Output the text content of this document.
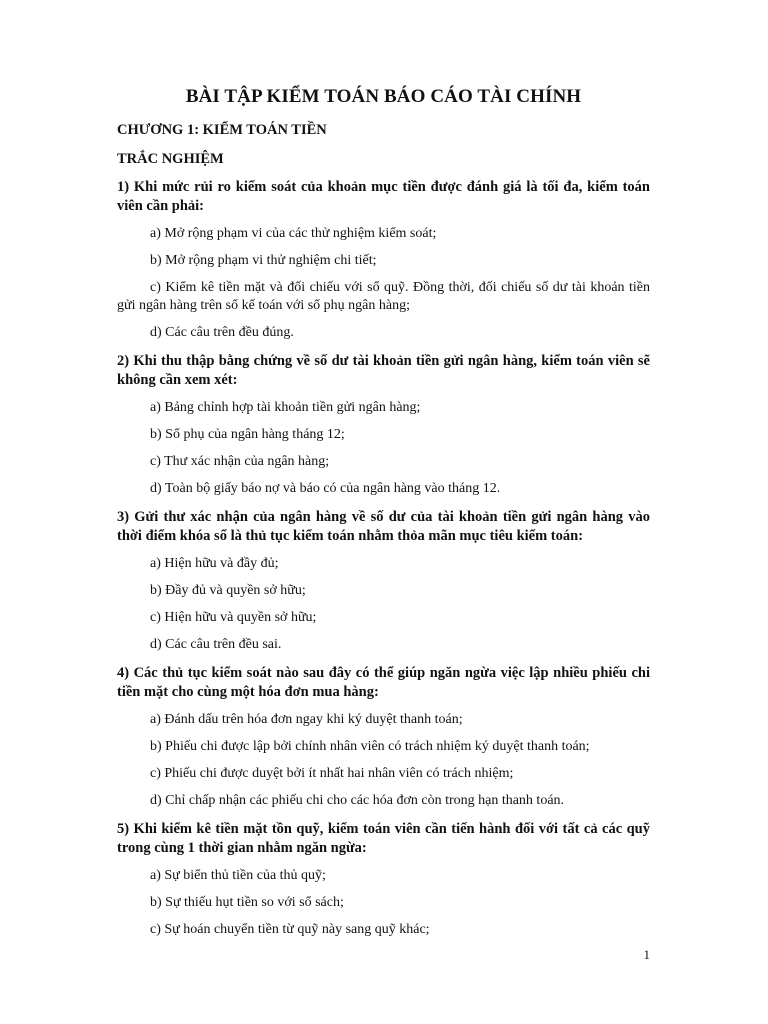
BÀI TẬP KIỂM TOÁN BÁO CÁO TÀI CHÍNH
CHƯƠNG 1: KIỂM TOÁN TIỀN
TRẮC NGHIỆM
1) Khi mức rủi ro kiểm soát của khoản mục tiền được đánh giá là tối đa, kiểm toán viên cần phải:
a) Mở rộng phạm vi của các thử nghiệm kiểm soát;
b) Mở rộng phạm vi thử nghiệm chi tiết;
c) Kiểm kê tiền mặt và đối chiếu với sổ quỹ. Đồng thời, đối chiếu số dư tài khoản tiền gửi ngân hàng trên sổ kế toán với sổ phụ ngân hàng;
d) Các câu trên đều đúng.
2) Khi thu thập bằng chứng về số dư tài khoản tiền gửi ngân hàng, kiểm toán viên sẽ không cần xem xét:
a) Bảng chỉnh hợp tài khoản tiền gửi ngân hàng;
b) Sổ phụ của ngân hàng tháng 12;
c) Thư xác nhận của ngân hàng;
d) Toàn bộ giấy báo nợ và báo có của ngân hàng vào tháng 12.
3) Gửi thư xác nhận của ngân hàng về số dư của tài khoản tiền gửi ngân hàng vào thời điểm khóa sổ là thủ tục kiểm toán nhằm thỏa mãn mục tiêu kiểm toán:
a) Hiện hữu và đầy đủ;
b) Đầy đủ và quyền sở hữu;
c) Hiện hữu và quyền sở hữu;
d) Các câu trên đều sai.
4) Các thủ tục kiểm soát nào sau đây có thể giúp ngăn ngừa việc lập nhiều phiếu chi tiền mặt cho cùng một hóa đơn mua hàng:
a) Đánh dấu trên hóa đơn ngay khi ký duyệt thanh toán;
b) Phiếu chi được lập bởi chính nhân viên có trách nhiệm ký duyệt thanh toán;
c) Phiếu chi được duyệt bởi ít nhất hai nhân viên có trách nhiệm;
d) Chỉ chấp nhận các phiếu chi cho các hóa đơn còn trong hạn thanh toán.
5) Khi kiểm kê tiền mặt tồn quỹ, kiểm toán viên cần tiến hành đối với tất cả các quỹ trong cùng 1 thời gian nhằm ngăn ngừa:
a) Sự biển thủ tiền của thủ quỹ;
b) Sự thiếu hụt tiền so với sổ sách;
c) Sự hoán chuyển tiền từ quỹ này sang quỹ khác;
1
